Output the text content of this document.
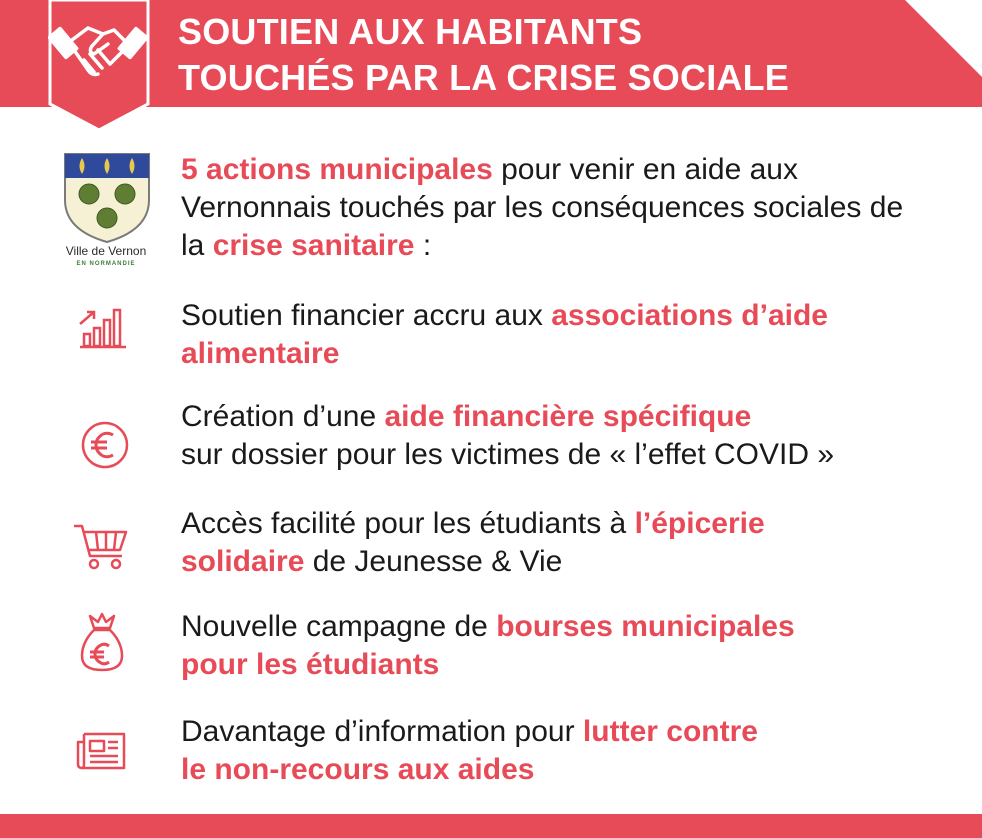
SOUTIEN AUX HABITANTS
TOUCHÉS PAR LA CRISE SOCIALE
Ville de Vernon
EN NORMANDIE
5 actions municipales pour venir en aide aux
Vernonnais touchés par les conséquences sociales de
la crise sanitaire :
Soutien financier accru aux associations d’aide
alimentaire
Création d’une aide financière spécifique
sur dossier pour les victimes de « l’effet COVID »
Accès facilité pour les étudiants à l’épicerie
solidaire de Jeunesse & Vie
Nouvelle campagne de bourses municipales
pour les étudiants
Davantage d’information pour lutter contre
le non-recours aux aides
